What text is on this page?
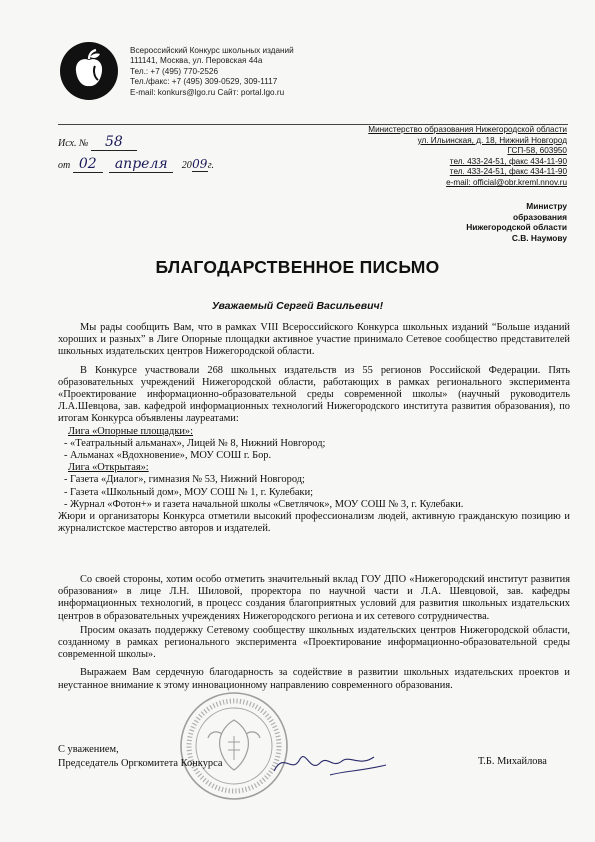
Всероссийский Конкурс школьных изданий
111141, Москва, ул. Перовская 44а
Тел.: +7 (495) 770-2526
Тел./факс: +7 (495) 309-0529, 309-1117
E-mail: konkurs@lgo.ru Сайт: portal.lgo.ru
Исх. № 58
от 02 апреля 2009г.
Министерство образования Нижегородской области
ул. Ильинская, д. 18, Нижний Новгород
ГСП-58, 603950
тел. 433-24-51, факс 434-11-90
тел. 433-24-51, факс 434-11-90
e-mail: official@obr.kreml.nnov.ru
Министру
образования
Нижегородской области
С.В. Наумову
БЛАГОДАРСТВЕННОЕ ПИСЬМО
Уважаемый Сергей Васильевич!

Мы рады сообщить Вам, что в рамках VIII Всероссийского Конкурса школьных изданий “Больше изданий хороших и разных” в Лиге Опорные площадки активное участие принимало Сетевое сообщество представителей школьных издательских центров Нижегородской области.

В Конкурсе участвовали 268 школьных издательств из 55 регионов Российской Федерации. Пять образовательных учреждений Нижегородской области, работающих в рамках регионального эксперимента «Проектирование информационно-образовательной среды современной школы» (научный руководитель Л.А.Шевцова, зав. кафедрой информационных технологий Нижегородского института развития образования), по итогам Конкурса объявлены лауреатами:

Лига «Опорные площадки»:
- «Театральный альманах», Лицей № 8, Нижний Новгород;
- Альманах «Вдохновение», МОУ СОШ г. Бор.
Лига «Открытая»:
- Газета «Диалог», гимназия № 53, Нижний Новгород;
- Газета «Школьный дом», МОУ СОШ № 1, г. Кулебаки;
- Журнал «Фотон+» и газета начальной школы «Светлячок», МОУ СОШ № 3, г. Кулебаки.

Жюри и организаторы Конкурса отметили высокий профессионализм людей, активную гражданскую позицию и журналистское мастерство авторов и издателей.

Со своей стороны, хотим особо отметить значительный вклад ГОУ ДПО «Нижегородский институт развития образования» в лице Л.Н. Шиловой, проректора по научной части и Л.А. Шевцовой, зав. кафедры информационных технологий, в процесс создания благоприятных условий для развития школьных издательских центров в образовательных учреждениях Нижегородского региона и их сетевого сотрудничества.

Просим оказать поддержку Сетевому сообществу школьных издательских центров Нижегородской области, созданному в рамках регионального эксперимента «Проектирование информационно-образовательной среды современной школы».

Выражаем Вам сердечную благодарность за содействие в развитии школьных издательских проектов и неустанное внимание к этому инновационному направлению современного образования.

С уважением,
Председатель Оргкомитета Конкурса	Т.Б. Михайлова
